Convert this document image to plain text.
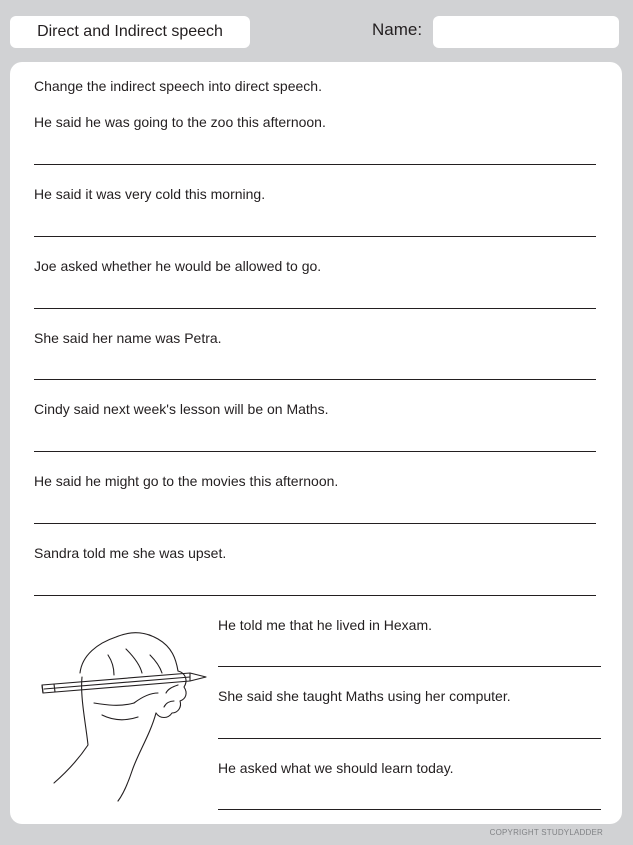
Direct and Indirect speech	Name:
Change the indirect speech into direct speech.
He said he was going to the zoo this afternoon.
He said it was very cold this morning.
Joe asked whether he would be allowed to go.
She said her name was Petra.
Cindy said next week's lesson will be on Maths.
He said he might go to the movies this afternoon.
Sandra told me she was upset.
He told me that he lived in Hexam.
She said she taught Maths using her computer.
He asked what we should learn today.
COPYRIGHT STUDYLADDER
